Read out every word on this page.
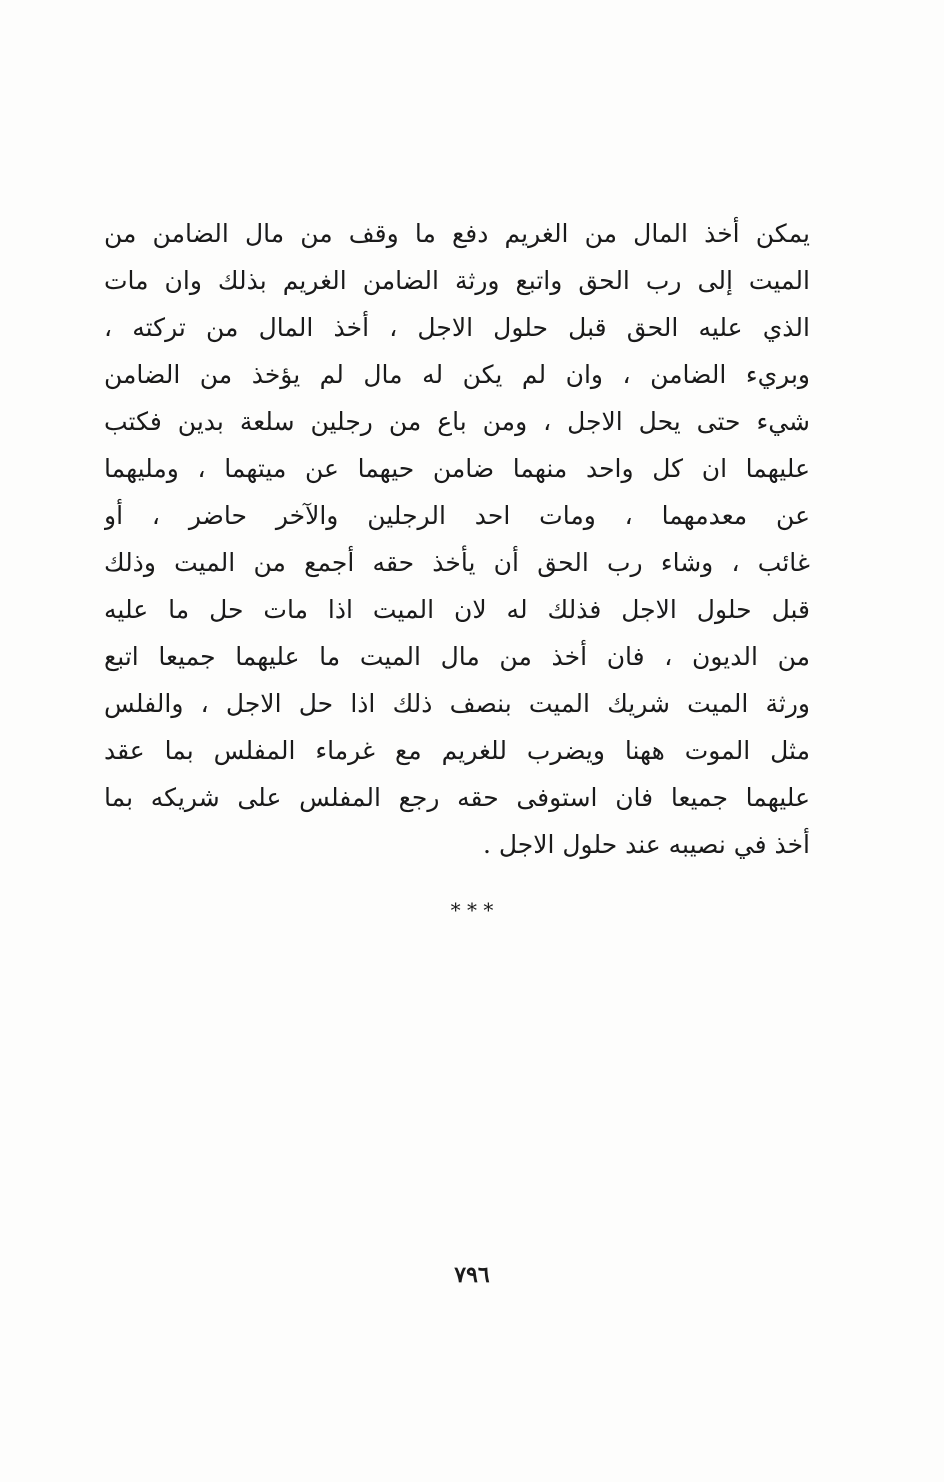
يمكن أخذ المال من الغريم دفع ما وقف من مال الضامن من
الميت إلى رب الحق واتبع ورثة الضامن الغريم بذلك وان مات
الذي عليه الحق قبل حلول الاجل ، أخذ المال من تركته ،
وبريء الضامن ، وان لم يكن له مال لم يؤخذ من الضامن
شيء حتى يحل الاجل ، ومن باع من رجلين سلعة بدين فكتب
عليهما ان كل واحد منهما ضامن حيهما عن ميتهما ، ومليهما
عن معدمهما ، ومات احد الرجلين والآخر حاضر ، أو
غائب ، وشاء رب الحق أن يأخذ حقه أجمع من الميت وذلك
قبل حلول الاجل فذلك له لان الميت اذا مات حل ما عليه
من الديون ، فان أخذ من مال الميت ما عليهما جميعا اتبع
ورثة الميت شريك الميت بنصف ذلك اذا حل الاجل ، والفلس
مثل الموت ههنا ويضرب للغريم مع غرماء المفلس بما عقد
عليهما جميعا فان استوفى حقه رجع المفلس على شريكه بما
أخذ في نصيبه عند حلول الاجل .
* * *
٧٩٦
